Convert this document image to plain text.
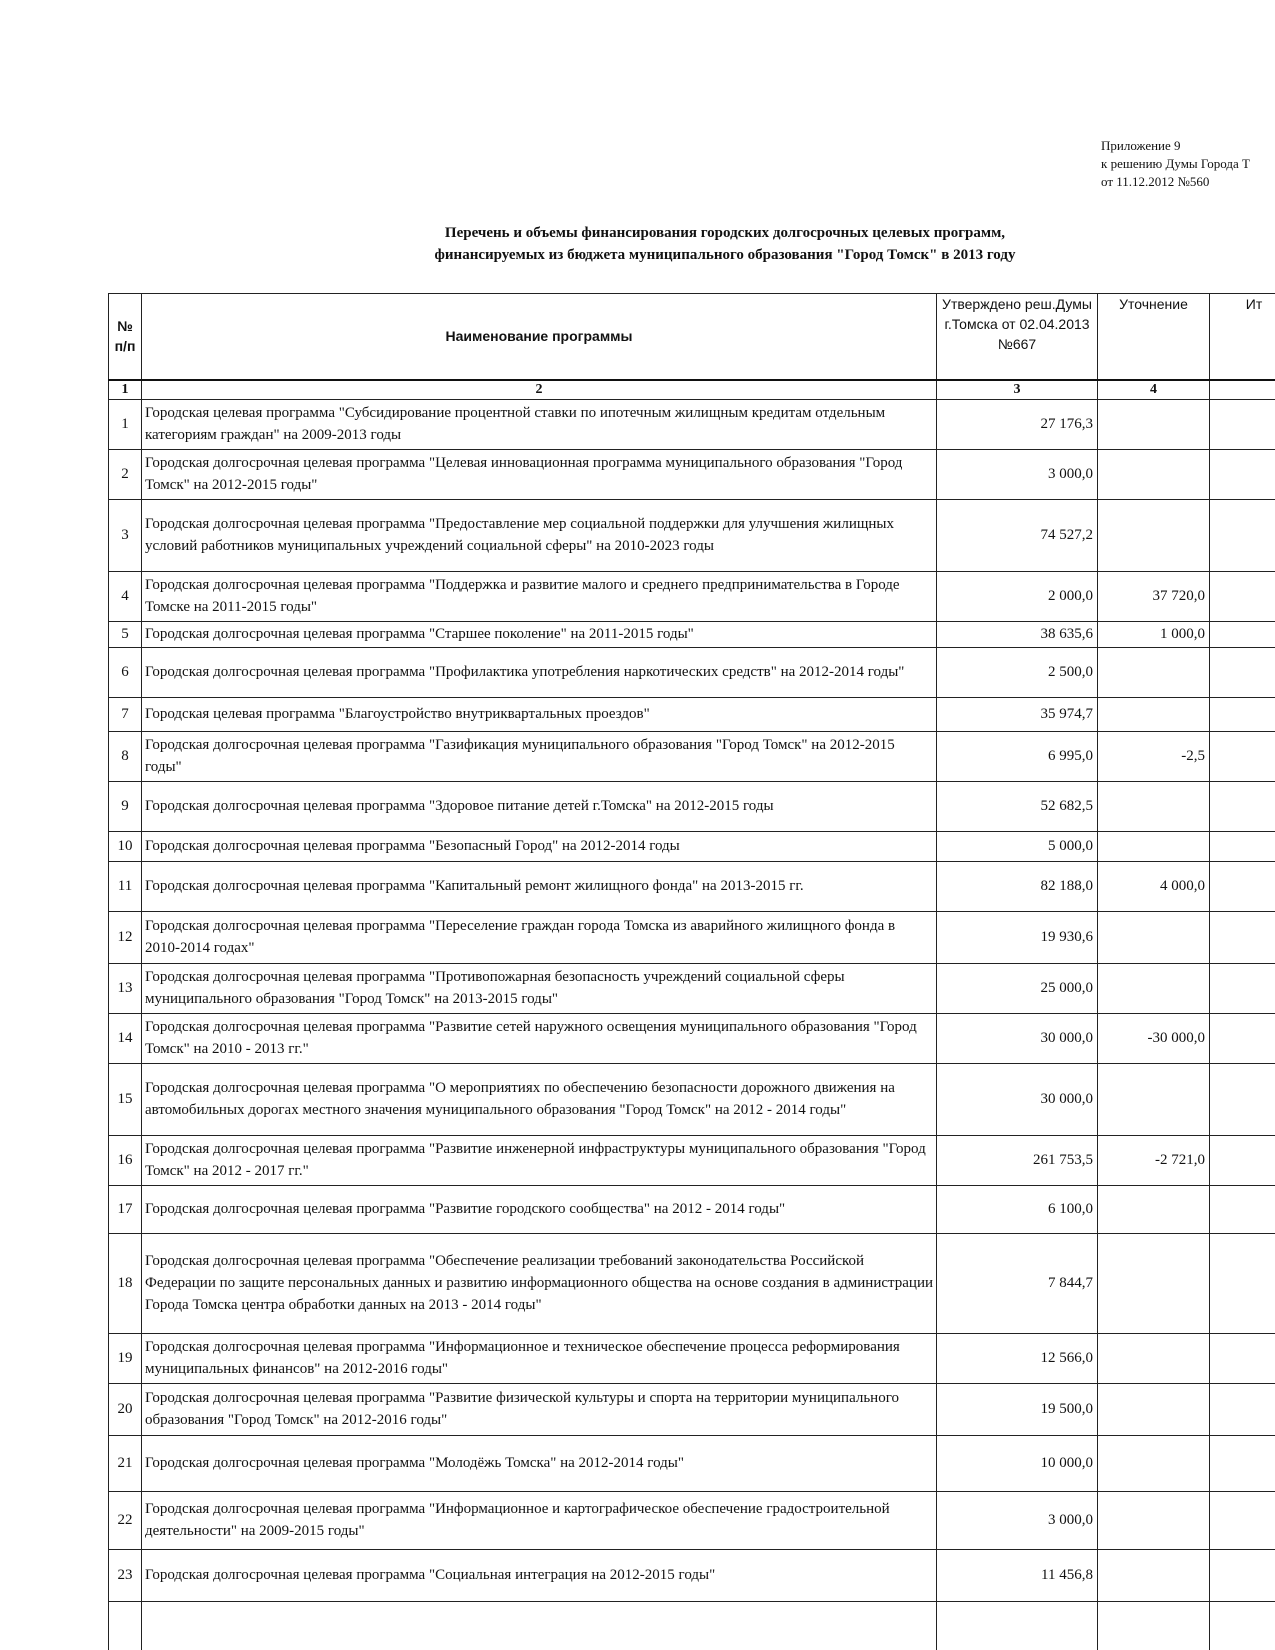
Приложение 9
к решению Думы Города Т
от 11.12.2012 №560
Перечень и объемы финансирования городских долгосрочных целевых программ,
финансируемых из бюджета муниципального образования "Город Томск" в 2013 году
№ п/п	Наименование программы	Утверждено реш.Думы г.Томска от 02.04.2013 №667	Уточнение	Ит
1	2	3	4	
1	Городская целевая программа "Субсидирование процентной ставки по ипотечным жилищным кредитам отдельным категориям граждан" на 2009-2013 годы	27 176,3		
2	Городская долгосрочная целевая программа "Целевая инновационная программа муниципального образования "Город Томск" на 2012-2015 годы"	3 000,0		
3	Городская долгосрочная целевая программа "Предоставление мер социальной поддержки для улучшения жилищных условий работников муниципальных учреждений социальной сферы" на 2010-2023 годы	74 527,2		
4	Городская долгосрочная целевая программа "Поддержка и развитие малого и среднего предпринимательства в Городе Томске на 2011-2015 годы"	2 000,0	37 720,0	
5	Городская долгосрочная целевая программа "Старшее поколение" на 2011-2015 годы"	38 635,6	1 000,0	
6	Городская долгосрочная целевая программа "Профилактика употребления наркотических средств" на 2012-2014 годы"	2 500,0		
7	Городская целевая программа "Благоустройство внутриквартальных проездов"	35 974,7		
8	Городская долгосрочная целевая программа "Газификация муниципального образования "Город Томск" на 2012-2015 годы"	6 995,0	-2,5	
9	Городская долгосрочная целевая программа "Здоровое питание детей г.Томска" на 2012-2015 годы	52 682,5		
10	Городская долгосрочная целевая программа "Безопасный Город" на 2012-2014 годы	5 000,0		
11	Городская долгосрочная целевая программа "Капитальный ремонт жилищного фонда" на 2013-2015 гг.	82 188,0	4 000,0	
12	Городская долгосрочная целевая программа "Переселение граждан города Томска из аварийного жилищного фонда в 2010-2014 годах"	19 930,6		
13	Городская долгосрочная целевая программа "Противопожарная безопасность учреждений социальной сферы муниципального образования "Город Томск" на 2013-2015 годы"	25 000,0		
14	Городская долгосрочная целевая программа "Развитие сетей наружного освещения муниципального образования "Город Томск" на 2010 - 2013 гг."	30 000,0	-30 000,0	
15	Городская долгосрочная целевая программа "О мероприятиях по обеспечению безопасности дорожного движения на автомобильных дорогах местного значения муниципального образования "Город Томск" на 2012 - 2014 годы"	30 000,0		
16	Городская долгосрочная целевая программа "Развитие инженерной инфраструктуры муниципального образования "Город Томск" на 2012 - 2017 гг."	261 753,5	-2 721,0	
17	Городская долгосрочная целевая программа "Развитие городского сообщества" на 2012 - 2014 годы"	6 100,0		
18	Городская долгосрочная целевая программа "Обеспечение реализации требований законодательства Российской Федерации по защите персональных данных и развитию информационного общества на основе создания в администрации Города Томска центра обработки данных на 2013 - 2014 годы"	7 844,7		
19	Городская долгосрочная целевая программа "Информационное и техническое обеспечение процесса реформирования муниципальных финансов" на 2012-2016 годы"	12 566,0		
20	Городская долгосрочная целевая программа "Развитие физической культуры и спорта на территории муниципального образования "Город Томск" на 2012-2016 годы"	19 500,0		
21	Городская долгосрочная целевая программа "Молодёжь Томска" на 2012-2014 годы"	10 000,0		
22	Городская долгосрочная целевая программа "Информационное и картографическое обеспечение градостроительной деятельности" на 2009-2015 годы"	3 000,0		
23	Городская долгосрочная целевая программа "Социальная интеграция на 2012-2015 годы"	11 456,8		
